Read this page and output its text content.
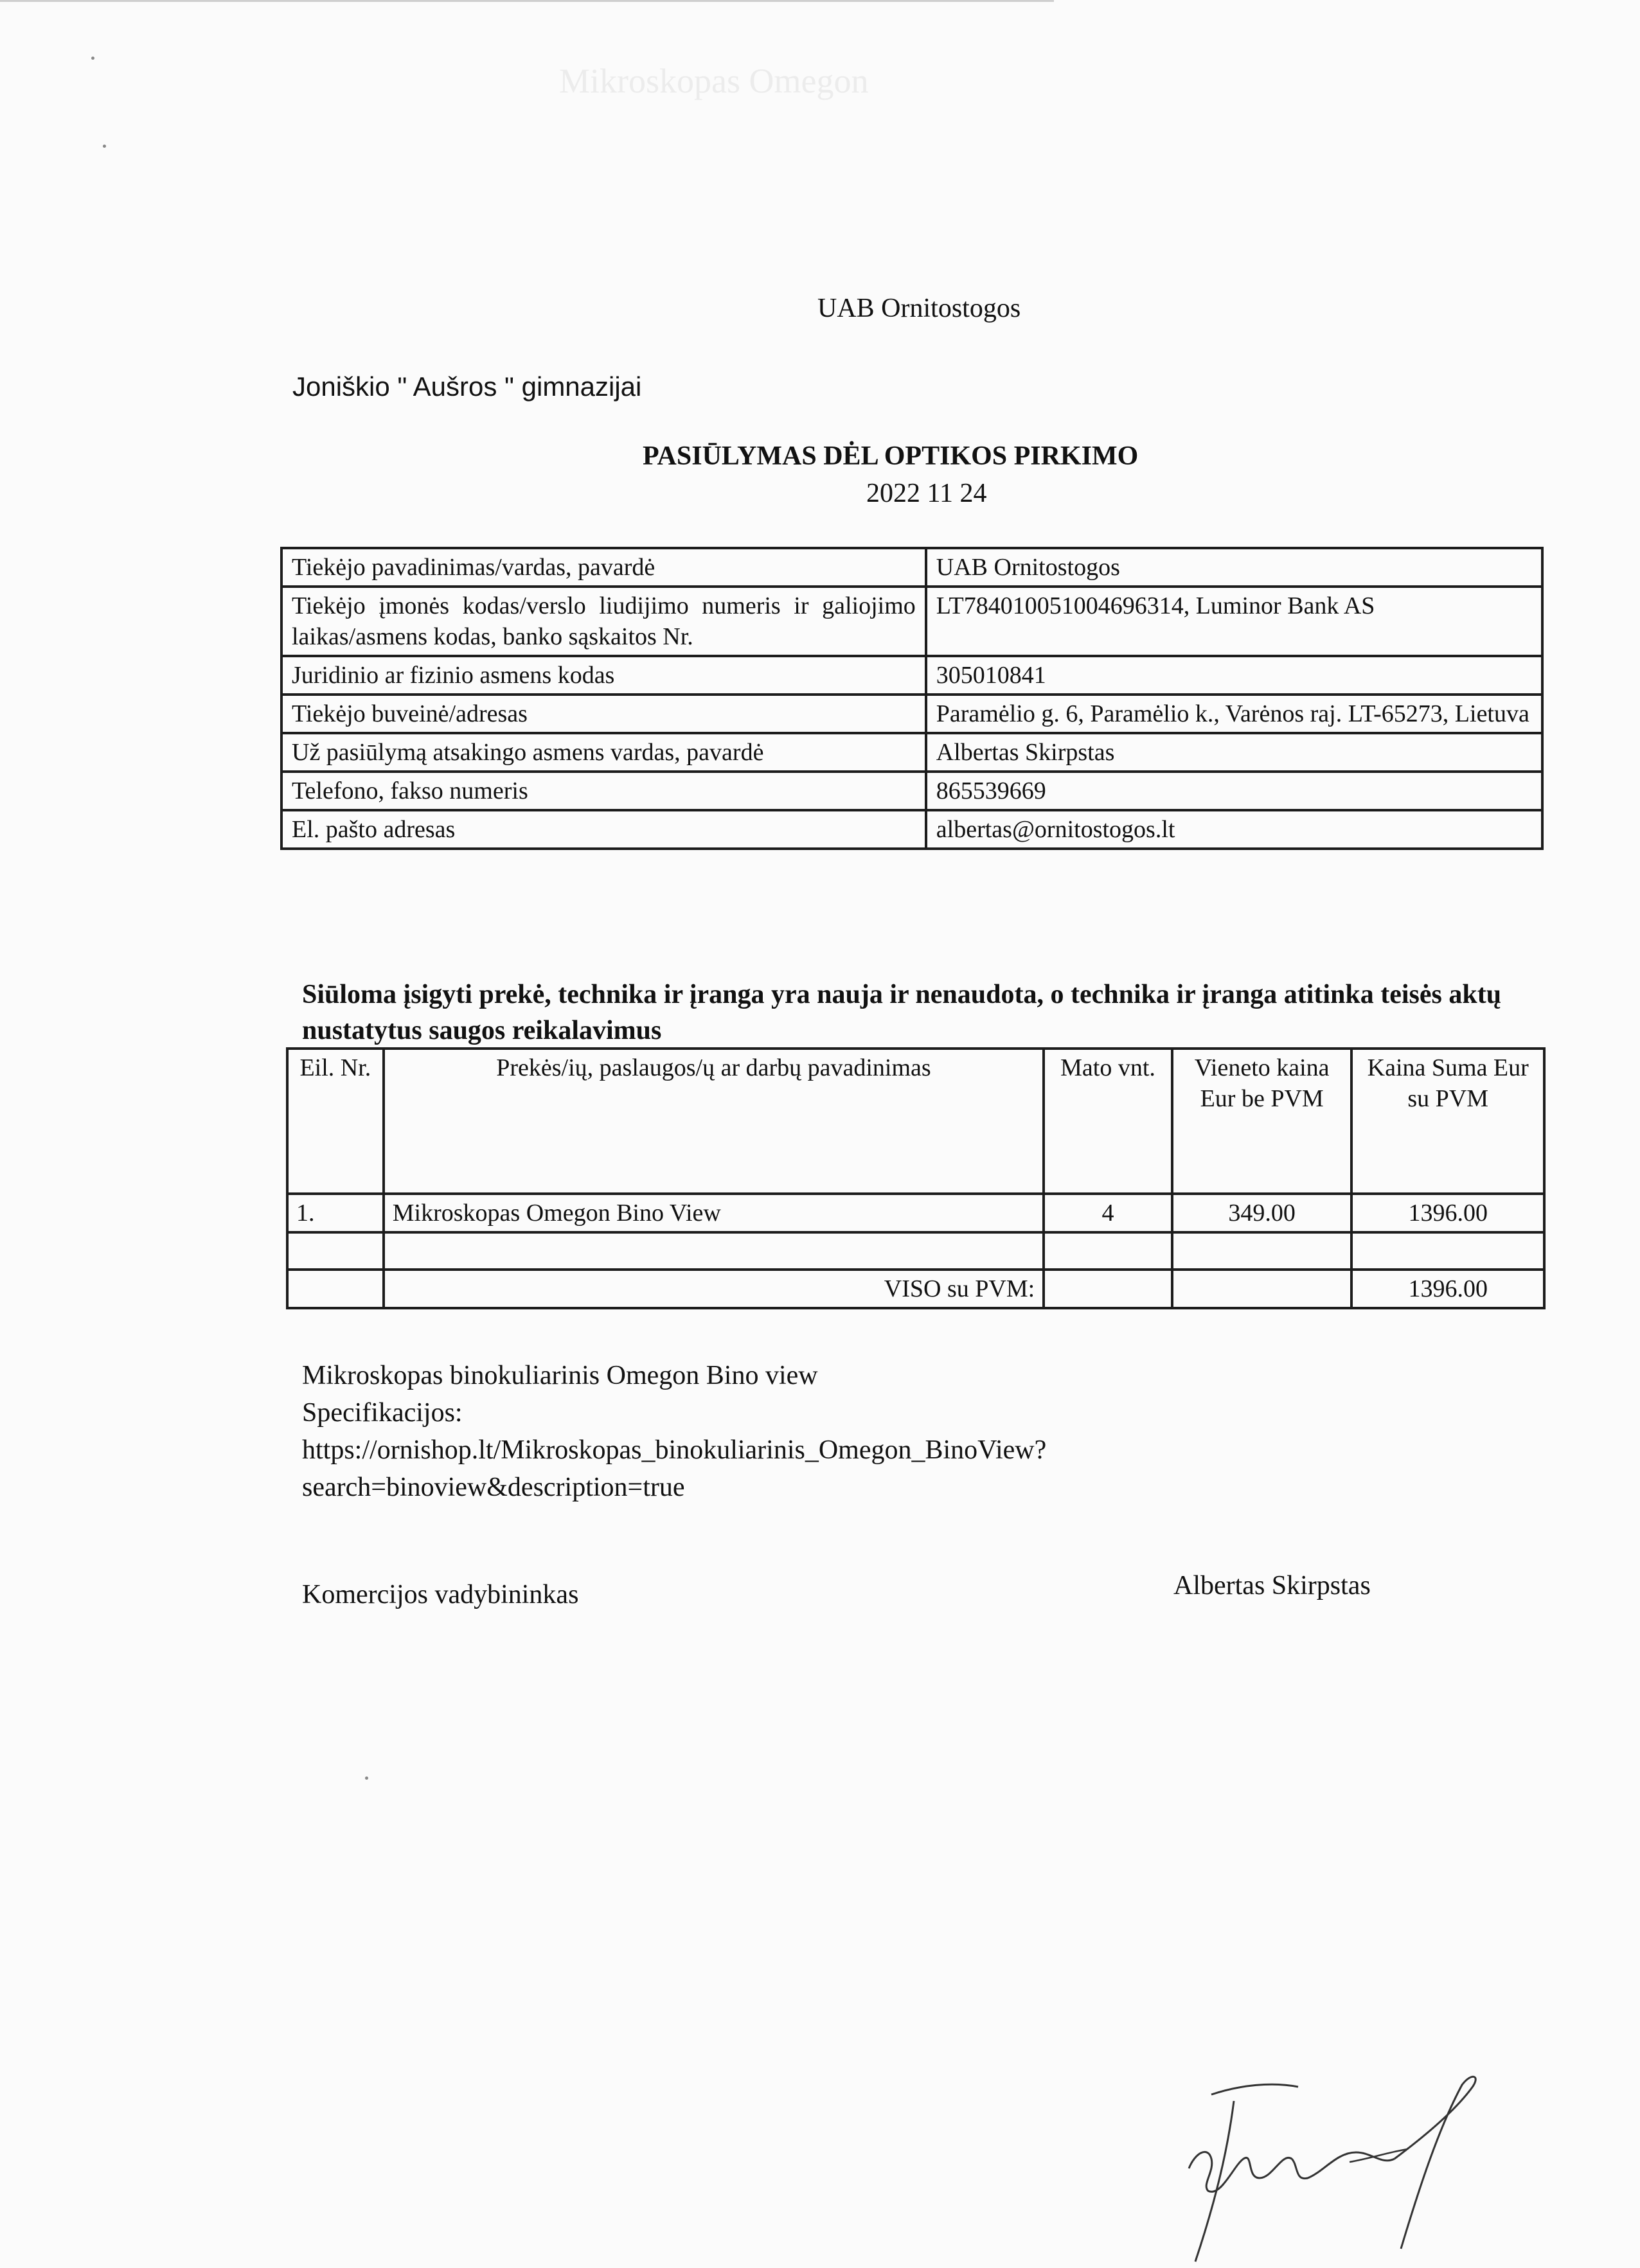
Mikroskopas Omegon
UAB Ornitostogos
Joniškio " Aušros " gimnazijai
PASIŪLYMAS DĖL OPTIKOS PIRKIMO
2022 11 24
Tiekėjo pavadinimas/vardas, pavardė	UAB Ornitostogos
Tiekėjo įmonės kodas/verslo liudijimo numeris ir galiojimo laikas/asmens kodas, banko sąskaitos Nr.	LT784010051004696314, Luminor Bank AS
Juridinio ar fizinio asmens kodas	305010841
Tiekėjo buveinė/adresas	Paramėlio g. 6, Paramėlio k., Varėnos raj. LT-65273, Lietuva
Už pasiūlymą atsakingo asmens vardas, pavardė	Albertas Skirpstas
Telefono, fakso numeris	865539669
El. pašto adresas	albertas@ornitostogos.lt
Siūloma įsigyti prekė, technika ir įranga yra nauja ir nenaudota, o technika ir įranga atitinka teisės aktų nustatytus saugos reikalavimus
Eil. Nr.	Prekės/ių, paslaugos/ų ar darbų pavadinimas	Mato vnt.	Vieneto kaina Eur be PVM	Kaina Suma Eur su PVM
1.	Mikroskopas Omegon Bino View	4	349.00	1396.00

	VISO su PVM:			1396.00
Mikroskopas binokuliarinis Omegon Bino view
Specifikacijos:
https://ornishop.lt/Mikroskopas_binokuliarinis_Omegon_BinoView?
search=binoview&description=true
Komercijos vadybininkas	Albertas Skirpstas
